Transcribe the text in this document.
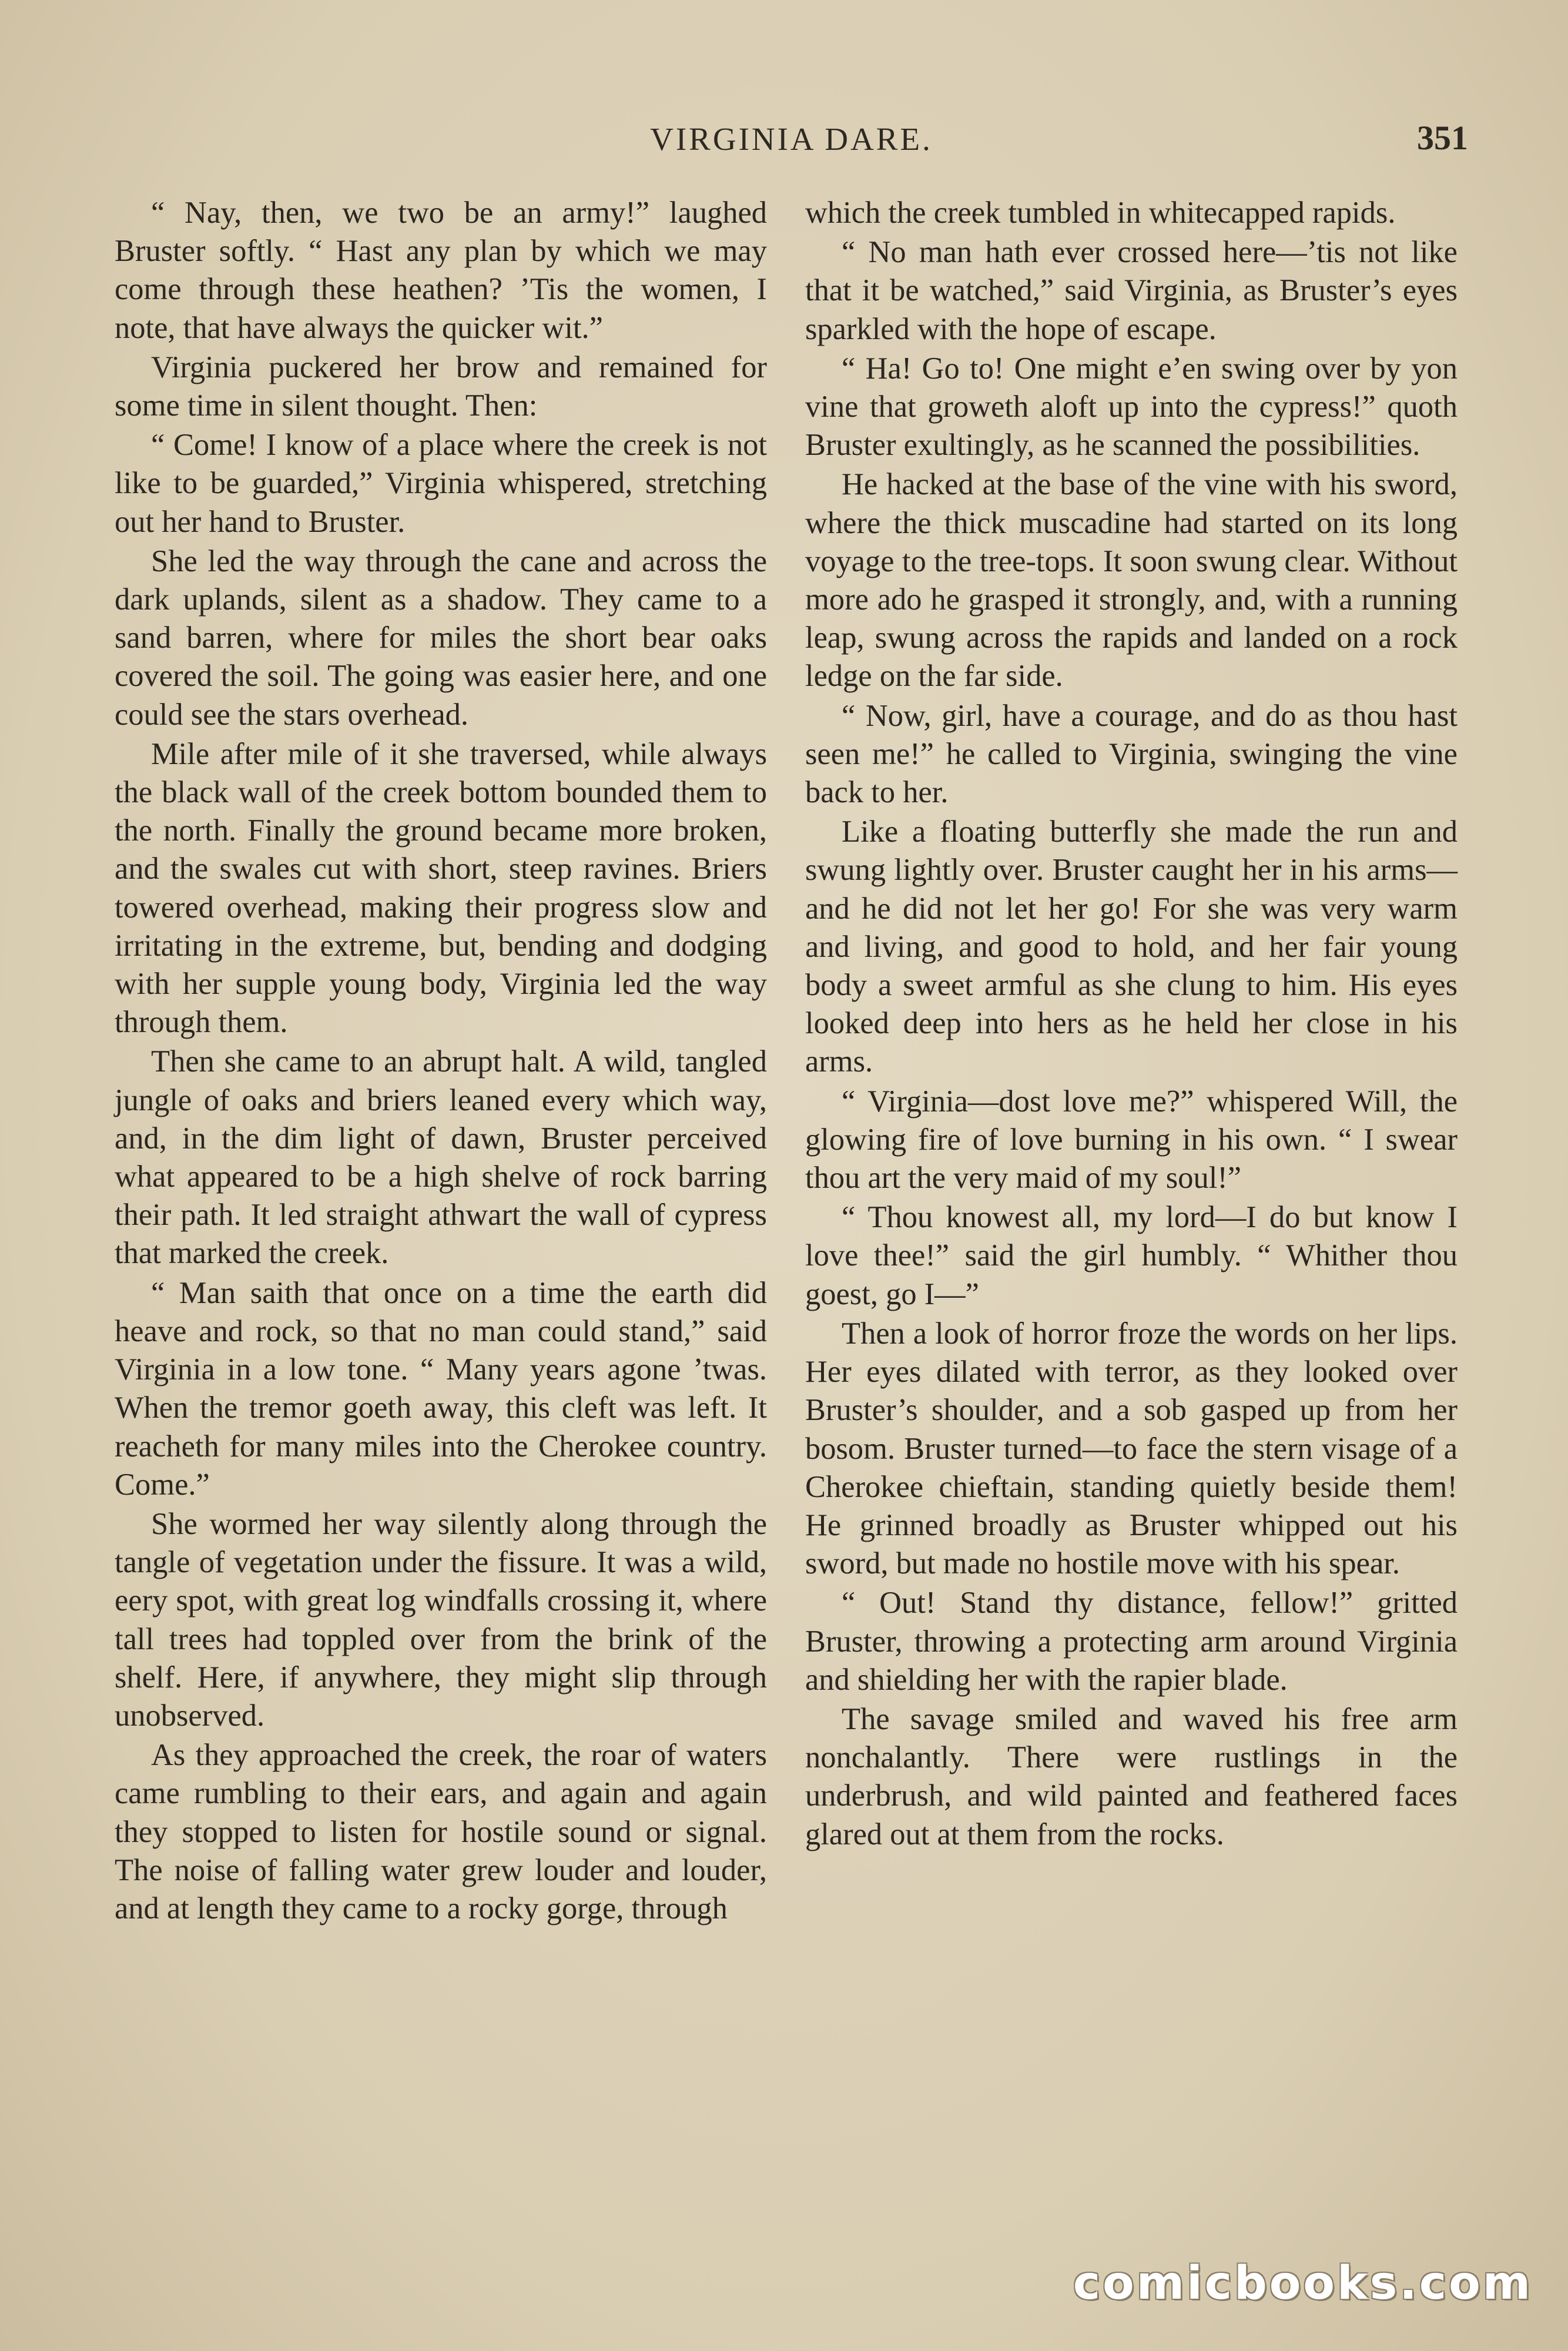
VIRGINIA DARE.	351

“ Nay, then, we two be an army!” laughed Bruster softly. “ Hast any plan by which we may come through these heathen? ’Tis the women, I note, that have always the quicker wit.”

Virginia puckered her brow and remained for some time in silent thought. Then:

“ Come! I know of a place where the creek is not like to be guarded,” Virginia whispered, stretching out her hand to Bruster.

She led the way through the cane and across the dark uplands, silent as a shadow. They came to a sand barren, where for miles the short bear oaks covered the soil. The going was easier here, and one could see the stars overhead.

Mile after mile of it she traversed, while always the black wall of the creek bottom bounded them to the north. Finally the ground became more broken, and the swales cut with short, steep ravines. Briers towered overhead, making their progress slow and irritating in the extreme, but, bending and dodging with her supple young body, Virginia led the way through them.

Then she came to an abrupt halt. A wild, tangled jungle of oaks and briers leaned every which way, and, in the dim light of dawn, Bruster perceived what appeared to be a high shelve of rock barring their path. It led straight athwart the wall of cypress that marked the creek.

“ Man saith that once on a time the earth did heave and rock, so that no man could stand,” said Virginia in a low tone. “ Many years agone ’twas. When the tremor goeth away, this cleft was left. It reacheth for many miles into the Cherokee country. Come.”

She wormed her way silently along through the tangle of vegetation under the fissure. It was a wild, eery spot, with great log windfalls crossing it, where tall trees had toppled over from the brink of the shelf. Here, if anywhere, they might slip through unobserved.

As they approached the creek, the roar of waters came rumbling to their ears, and again and again they stopped to listen for hostile sound or signal. The noise of falling water grew louder and louder, and at length they came to a rocky gorge, through

which the creek tumbled in whitecapped rapids.

“ No man hath ever crossed here—’tis not like that it be watched,” said Virginia, as Bruster’s eyes sparkled with the hope of escape.

“ Ha! Go to! One might e’en swing over by yon vine that groweth aloft up into the cypress!” quoth Bruster exultingly, as he scanned the possibilities.

He hacked at the base of the vine with his sword, where the thick muscadine had started on its long voyage to the tree-tops. It soon swung clear. Without more ado he grasped it strongly, and, with a running leap, swung across the rapids and landed on a rock ledge on the far side.

“ Now, girl, have a courage, and do as thou hast seen me!” he called to Virginia, swinging the vine back to her.

Like a floating butterfly she made the run and swung lightly over. Bruster caught her in his arms—and he did not let her go! For she was very warm and living, and good to hold, and her fair young body a sweet armful as she clung to him. His eyes looked deep into hers as he held her close in his arms.

“ Virginia—dost love me?” whispered Will, the glowing fire of love burning in his own. “ I swear thou art the very maid of my soul!”

“ Thou knowest all, my lord—I do but know I love thee!” said the girl humbly. “ Whither thou goest, go I—”

Then a look of horror froze the words on her lips. Her eyes dilated with terror, as they looked over Bruster’s shoulder, and a sob gasped up from her bosom. Bruster turned—to face the stern visage of a Cherokee chieftain, standing quietly beside them! He grinned broadly as Bruster whipped out his sword, but made no hostile move with his spear.

“ Out! Stand thy distance, fellow!” gritted Bruster, throwing a protecting arm around Virginia and shielding her with the rapier blade.

The savage smiled and waved his free arm nonchalantly. There were rustlings in the underbrush, and wild painted and feathered faces glared out at them from the rocks.

comicbooks.com
